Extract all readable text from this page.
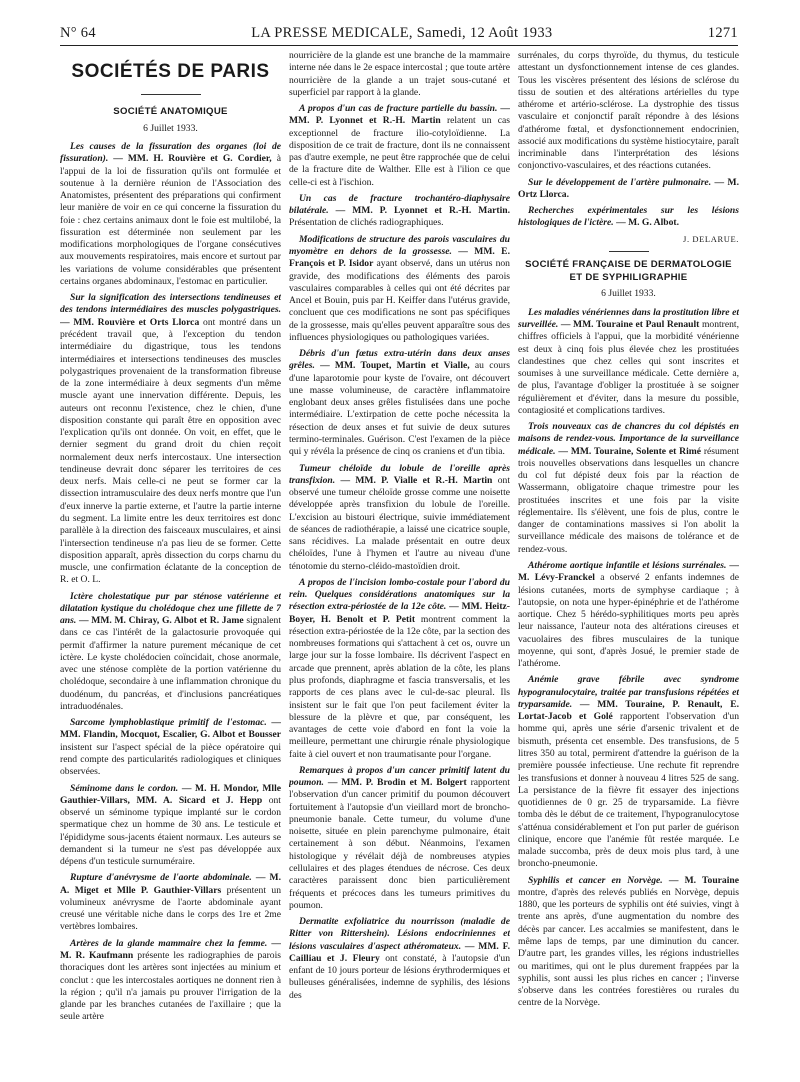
N° 64	LA PRESSE MEDICALE, Samedi, 12 Août 1933	1271
SOCIÉTÉS DE PARIS
SOCIÉTÉ ANATOMIQUE
6 Juillet 1933.

Les causes de la fissuration des organes (loi de fissuration). — MM. H. Rouvière et G. Cordier, à l'appui de la loi de fissuration qu'ils ont formulée et soutenue à la dernière réunion de l'Association des Anatomistes, présentent des préparations qui confirment leur manière de voir en ce qui concerne la fissuration du foie : chez certains animaux dont le foie est multilobé, la fissuration est déterminée non seulement par les modifications morphologiques de l'organe consécutives aux mouvements respiratoires, mais encore et surtout par les variations de volume considérables que présentent certains organes abdominaux, l'estomac en particulier.

Sur la signification des intersections tendineuses et des tendons intermédiaires des muscles polygastriques. — MM. Rouvière et Orts Llorca ont montré dans un précédent travail que, à l'exception du tendon intermédiaire du digastrique, tous les tendons intermédiaires et intersections tendineuses des muscles polygastriques provenaient de la transformation fibreuse de la zone intermédiaire à deux segments d'un même muscle ayant une innervation différente. Depuis, les auteurs ont reconnu l'existence, chez le chien, d'une disposition constante qui paraît être en opposition avec l'explication qu'ils ont donnée. On voit, en effet, que le dernier segment du grand droit du chien reçoit normalement deux nerfs intercostaux. Une intersection tendineuse devrait donc séparer les territoires de ces deux nerfs. Mais celle-ci ne peut se former car la dissection intramusculaire des deux nerfs montre que l'un d'eux innerve la partie externe, et l'autre la partie interne du segment. La limite entre les deux territoires est donc parallèle à la direction des faisceaux musculaires, et ainsi l'intersection tendineuse n'a pas lieu de se former. Cette disposition apparaît, après dissection du corps charnu du muscle, une confirmation éclatante de la conception de R. et O. L.

Ictère cholestatique pur par sténose vatérienne et dilatation kystique du cholédoque chez une fillette de 7 ans. — MM. M. Chiray, G. Albot et R. Jame signalent dans ce cas l'intérêt de la galactosurie provoquée qui permit d'affirmer la nature purement mécanique de cet ictère. Le kyste cholédocien coïncidait, chose anormale, avec une sténose complète de la portion vatérienne du cholédoque, secondaire à une inflammation chronique du duodénum, du pancréas, et d'inclusions pancréatiques intraduodénales.

Sarcome lymphoblastique primitif de l'estomac. — MM. Flandin, Mocquot, Escalier, G. Albot et Bousser insistent sur l'aspect spécial de la pièce opératoire qui rend compte des particularités radiologiques et cliniques observées.

Séminome dans le cordon. — M. H. Mondor, Mlle Gauthier-Villars, MM. A. Sicard et J. Hepp ont observé un séminome typique implanté sur le cordon spermatique chez un homme de 30 ans. Le testicule et l'épididyme sous-jacents étaient normaux. Les auteurs se demandent si la tumeur ne s'est pas développée aux dépens d'un testicule surnuméraire.

Rupture d'anévrysme de l'aorte abdominale. — M. A. Miget et Mlle P. Gauthier-Villars présentent un volumineux anévrysme de l'aorte abdominale ayant creusé une véritable niche dans le corps des 1re et 2me vertèbres lombaires.

Artères de la glande mammaire chez la femme. — M. R. Kaufmann présente les radiographies de parois thoraciques dont les artères sont injectées au minium et conclut : que les intercostales aortiques ne donnent rien à la région ; qu'il n'a jamais pu prouver l'irrigation de la glande par les branches cutanées de l'axillaire ; que la seule artère

nourricière de la glande est une branche de la mammaire interne née dans le 2e espace intercostal ; que toute artère nourricière de la glande a un trajet sous-cutané et superficiel par rapport à la glande.

A propos d'un cas de fracture partielle du bassin. — MM. P. Lyonnet et R.-H. Martin relatent un cas exceptionnel de fracture ilio-cotyloïdienne. La disposition de ce trait de fracture, dont ils ne connaissent pas d'autre exemple, ne peut être rapprochée que de celui de la fracture dite de Walther. Elle est à l'ilion ce que celle-ci est à l'ischion.

Un cas de fracture trochantéro-diaphysaire bilatérale. — MM. P. Lyonnet et R.-H. Martin. Présentation de clichés radiographiques.

Modifications de structure des parois vasculaires du myomètre en dehors de la grossesse. — MM. E. François et P. Isidor ayant observé, dans un utérus non gravide, des modifications des éléments des parois vasculaires comparables à celles qui ont été décrites par Ancel et Bouin, puis par H. Keiffer dans l'utérus gravide, concluent que ces modifications ne sont pas spécifiques de la grossesse, mais qu'elles peuvent apparaître sous des influences physiologiques ou pathologiques variées.

Débris d'un fœtus extra-utérin dans deux anses grêles. — MM. Toupet, Martin et Vialle, au cours d'une laparotomie pour kyste de l'ovaire, ont découvert une masse volumineuse, de caractère inflammatoire englobant deux anses grêles fistulisées dans une poche intermédiaire. L'extirpation de cette poche nécessita la résection de deux anses et fut suivie de deux sutures termino-terminales. Guérison. C'est l'examen de la pièce qui y révéla la présence de cinq os craniens et d'un tibia.

Tumeur chéloïde du lobule de l'oreille après transfixion. — MM. P. Vialle et R.-H. Martin ont observé une tumeur chéloïde grosse comme une noisette développée après transfixion du lobule de l'oreille. L'excision au bistouri électrique, suivie immédiatement de séances de radiothérapie, a laissé une cicatrice souple, sans récidives. La malade présentait en outre deux chéloïdes, l'une à l'hymen et l'autre au niveau d'une ténotomie du sterno-cléido-mastoïdien droit.

A propos de l'incision lombo-costale pour l'abord du rein. Quelques considérations anatomiques sur la résection extra-périostée de la 12e côte. — MM. Heitz-Boyer, H. Benolt et P. Petit montrent comment la résection extra-périostée de la 12e côte, par la section des nombreuses formations qui s'attachent à cet os, ouvre un large jour sur la fosse lombaire. Ils décrivent l'aspect en arcade que prennent, après ablation de la côte, les plans plus profonds, diaphragme et fascia transversalis, et les rapports de ces plans avec le cul-de-sac pleural. Ils insistent sur le fait que l'on peut facilement éviter la blessure de la plèvre et que, par conséquent, les avantages de cette voie d'abord en font la voie la meilleure, permettant une chirurgie rénale physiologique faite à ciel ouvert et non traumatisante pour l'organe.

Remarques à propos d'un cancer primitif latent du poumon. — MM. P. Brodin et M. Bolgert rapportent l'observation d'un cancer primitif du poumon découvert fortuitement à l'autopsie d'un vieillard mort de broncho-pneumonie banale. Cette tumeur, du volume d'une noisette, située en plein parenchyme pulmonaire, était certainement à son début. Néanmoins, l'examen histologique y révélait déjà de nombreuses atypies cellulaires et des plages étendues de nécrose. Ces deux caractères paraissent donc bien particulièrement fréquents et précoces dans les tumeurs primitives du poumon.

Dermatite exfoliatrice du nourrisson (maladie de Ritter von Rittershein). Lésions endocriniennes et lésions vasculaires d'aspect athéromateux. — MM. F. Cailliau et J. Fleury ont constaté, à l'autopsie d'un enfant de 10 jours porteur de lésions érythrodermiques et bulleuses généralisées, indemne de syphilis, des lésions des

surrénales, du corps thyroïde, du thymus, du testicule attestant un dysfonctionnement intense de ces glandes. Tous les viscères présentent des lésions de sclérose du tissu de soutien et des altérations artérielles du type athérome et artério-sclérose. La dystrophie des tissus vasculaire et conjonctif paraît répondre à des lésions d'athérome fœtal, et dysfonctionnement endocrinien, associé aux modifications du système histiocytaire, paraît incriminable dans l'interprétation des lésions conjonctivo-vasculaires, et des réactions cutanées.

Sur le développement de l'artère pulmonaire. — M. Ortz Llorca.

Recherches expérimentales sur les lésions histologiques de l'ictère. — M. G. Albot.

J. DELARUE.

SOCIÉTÉ FRANÇAISE DE DERMATOLOGIE ET DE SYPHILIGRAPHIE
6 Juillet 1933.

Les maladies vénériennes dans la prostitution libre et surveillée. — MM. Touraine et Paul Renault montrent, chiffres officiels à l'appui, que la morbidité vénérienne est deux à cinq fois plus élevée chez les prostituées clandestines que chez celles qui sont inscrites et soumises à une surveillance médicale. Cette dernière a, de plus, l'avantage d'obliger la prostituée à se soigner régulièrement et d'éviter, dans la mesure du possible, contagiosité et complications tardives.

Trois nouveaux cas de chancres du col dépistés en maisons de rendez-vous. Importance de la surveillance médicale. — MM. Touraine, Solente et Rimé résument trois nouvelles observations dans lesquelles un chancre du col fut dépisté deux fois par la réaction de Wassermann, obligatoire chaque trimestre pour les prostituées inscrites et une fois par la visite réglementaire. Ils s'élèvent, une fois de plus, contre le danger de contaminations massives si l'on abolit la surveillance médicale des maisons de tolérance et de rendez-vous.

Athérome aortique infantile et lésions surrénales. — M. Lévy-Franckel a observé 2 enfants indemnes de lésions cutanées, morts de symphyse cardiaque ; à l'autopsie, on nota une hyper-épinéphrie et de l'athérome aortique. Chez 5 hérédo-syphilitiques morts peu après leur naissance, l'auteur nota des altérations cireuses et vacuolaires des fibres musculaires de la tunique moyenne, qui sont, d'après Josué, le premier stade de l'athérome.

Anémie grave fébrile avec syndrome hypogranulocytaire, traitée par transfusions répétées et tryparsamide. — MM. Touraine, P. Renault, E. Lortat-Jacob et Golé rapportent l'observation d'un homme qui, après une série d'arsenic trivalent et de bismuth, présenta cet ensemble. Des transfusions, de 5 litres 350 au total, permirent d'attendre la guérison de la première poussée infectieuse. Une rechute fit reprendre les transfusions et donner à nouveau 4 litres 525 de sang. La persistance de la fièvre fit essayer des injections quotidiennes de 0 gr. 25 de tryparsamide. La fièvre tomba dès le début de ce traitement, l'hypogranulocytose s'atténua considérablement et l'on put parler de guérison clinique, encore que l'anémie fût restée marquée. Le malade succomba, près de deux mois plus tard, à une broncho-pneumonie.

Syphilis et cancer en Norvège. — M. Touraine montre, d'après des relevés publiés en Norvège, depuis 1880, que les porteurs de syphilis ont été suivies, vingt à trente ans après, d'une augmentation du nombre des décès par cancer. Les accalmies se manifestent, dans le même laps de temps, par une diminution du cancer. D'autre part, les grandes villes, les régions industrielles ou maritimes, qui ont le plus durement frappées par la syphilis, sont aussi les plus riches en cancer ; l'inverse s'observe dans les contrées forestières ou rurales du centre de la Norvège.
